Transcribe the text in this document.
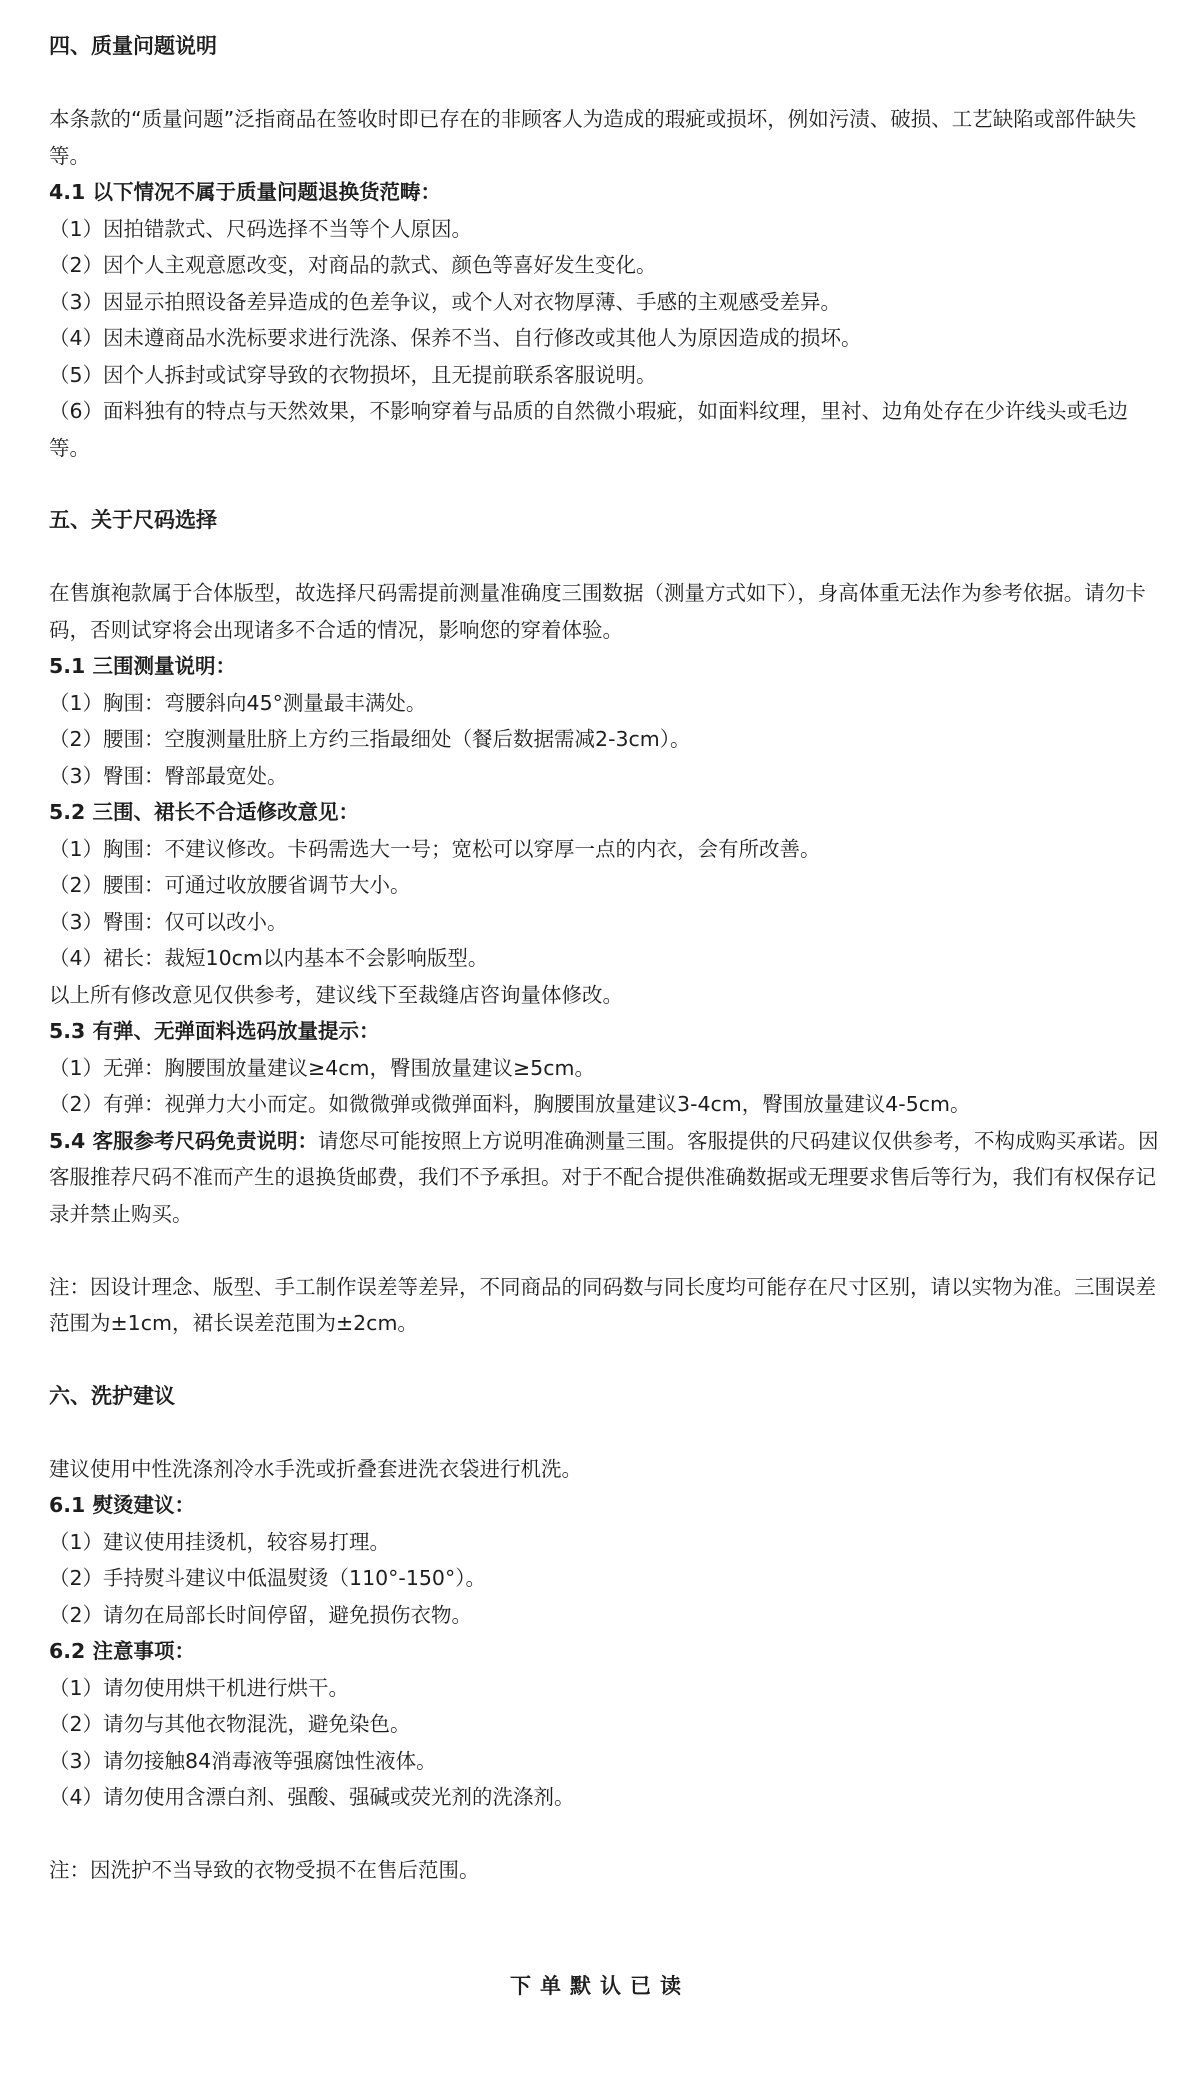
四、质量问题说明

本条款的“质量问题”泛指商品在签收时即已存在的非顾客人为造成的瑕疵或损坏，例如污渍、破损、工艺缺陷或部件缺失等。

4.1 以下情况不属于质量问题退换货范畴：

（1）因拍错款式、尺码选择不当等个人原因。

（2）因个人主观意愿改变，对商品的款式、颜色等喜好发生变化。

（3）因显示拍照设备差异造成的色差争议，或个人对衣物厚薄、手感的主观感受差异。

（4）因未遵商品水洗标要求进行洗涤、保养不当、自行修改或其他人为原因造成的损坏。

（5）因个人拆封或试穿导致的衣物损坏，且无提前联系客服说明。

（6）面料独有的特点与天然效果，不影响穿着与品质的自然微小瑕疵，如面料纹理，里衬、边角处存在少许线头或毛边等。

五、关于尺码选择

在售旗袍款属于合体版型，故选择尺码需提前测量准确度三围数据（测量方式如下），身高体重无法作为参考依据。请勿卡码，否则试穿将会出现诸多不合适的情况，影响您的穿着体验。

5.1 三围测量说明：

（1）胸围：弯腰斜向45°测量最丰满处。

（2）腰围：空腹测量肚脐上方约三指最细处（餐后数据需减2-3cm）。

（3）臀围：臀部最宽处。

5.2 三围、裙长不合适修改意见：

（1）胸围：不建议修改。卡码需选大一号；宽松可以穿厚一点的内衣，会有所改善。

（2）腰围：可通过收放腰省调节大小。

（3）臀围：仅可以改小。

（4）裙长：裁短10cm以内基本不会影响版型。

以上所有修改意见仅供参考，建议线下至裁缝店咨询量体修改。

5.3 有弹、无弹面料选码放量提示：

（1）无弹：胸腰围放量建议≥4cm，臀围放量建议≥5cm。

（2）有弹：视弹力大小而定。如微微弹或微弹面料，胸腰围放量建议3-4cm，臀围放量建议4-5cm。

5.4 客服参考尺码免责说明：请您尽可能按照上方说明准确测量三围。客服提供的尺码建议仅供参考，不构成购买承诺。因客服推荐尺码不准而产生的退换货邮费，我们不予承担。对于不配合提供准确数据或无理要求售后等行为，我们有权保存记录并禁止购买。

注：因设计理念、版型、手工制作误差等差异，不同商品的同码数与同长度均可能存在尺寸区别，请以实物为准。三围误差范围为±1cm，裙长误差范围为±2cm。

六、洗护建议

建议使用中性洗涤剂冷水手洗或折叠套进洗衣袋进行机洗。

6.1 熨烫建议：

（1）建议使用挂烫机，较容易打理。

（2）手持熨斗建议中低温熨烫（110°-150°）。

（2）请勿在局部长时间停留，避免损伤衣物。

6.2 注意事项：

（1）请勿使用烘干机进行烘干。

（2）请勿与其他衣物混洗，避免染色。

（3）请勿接触84消毒液等强腐蚀性液体。

（4）请勿使用含漂白剂、强酸、强碱或荧光剂的洗涤剂。

注：因洗护不当导致的衣物受损不在售后范围。

下单默认已读
